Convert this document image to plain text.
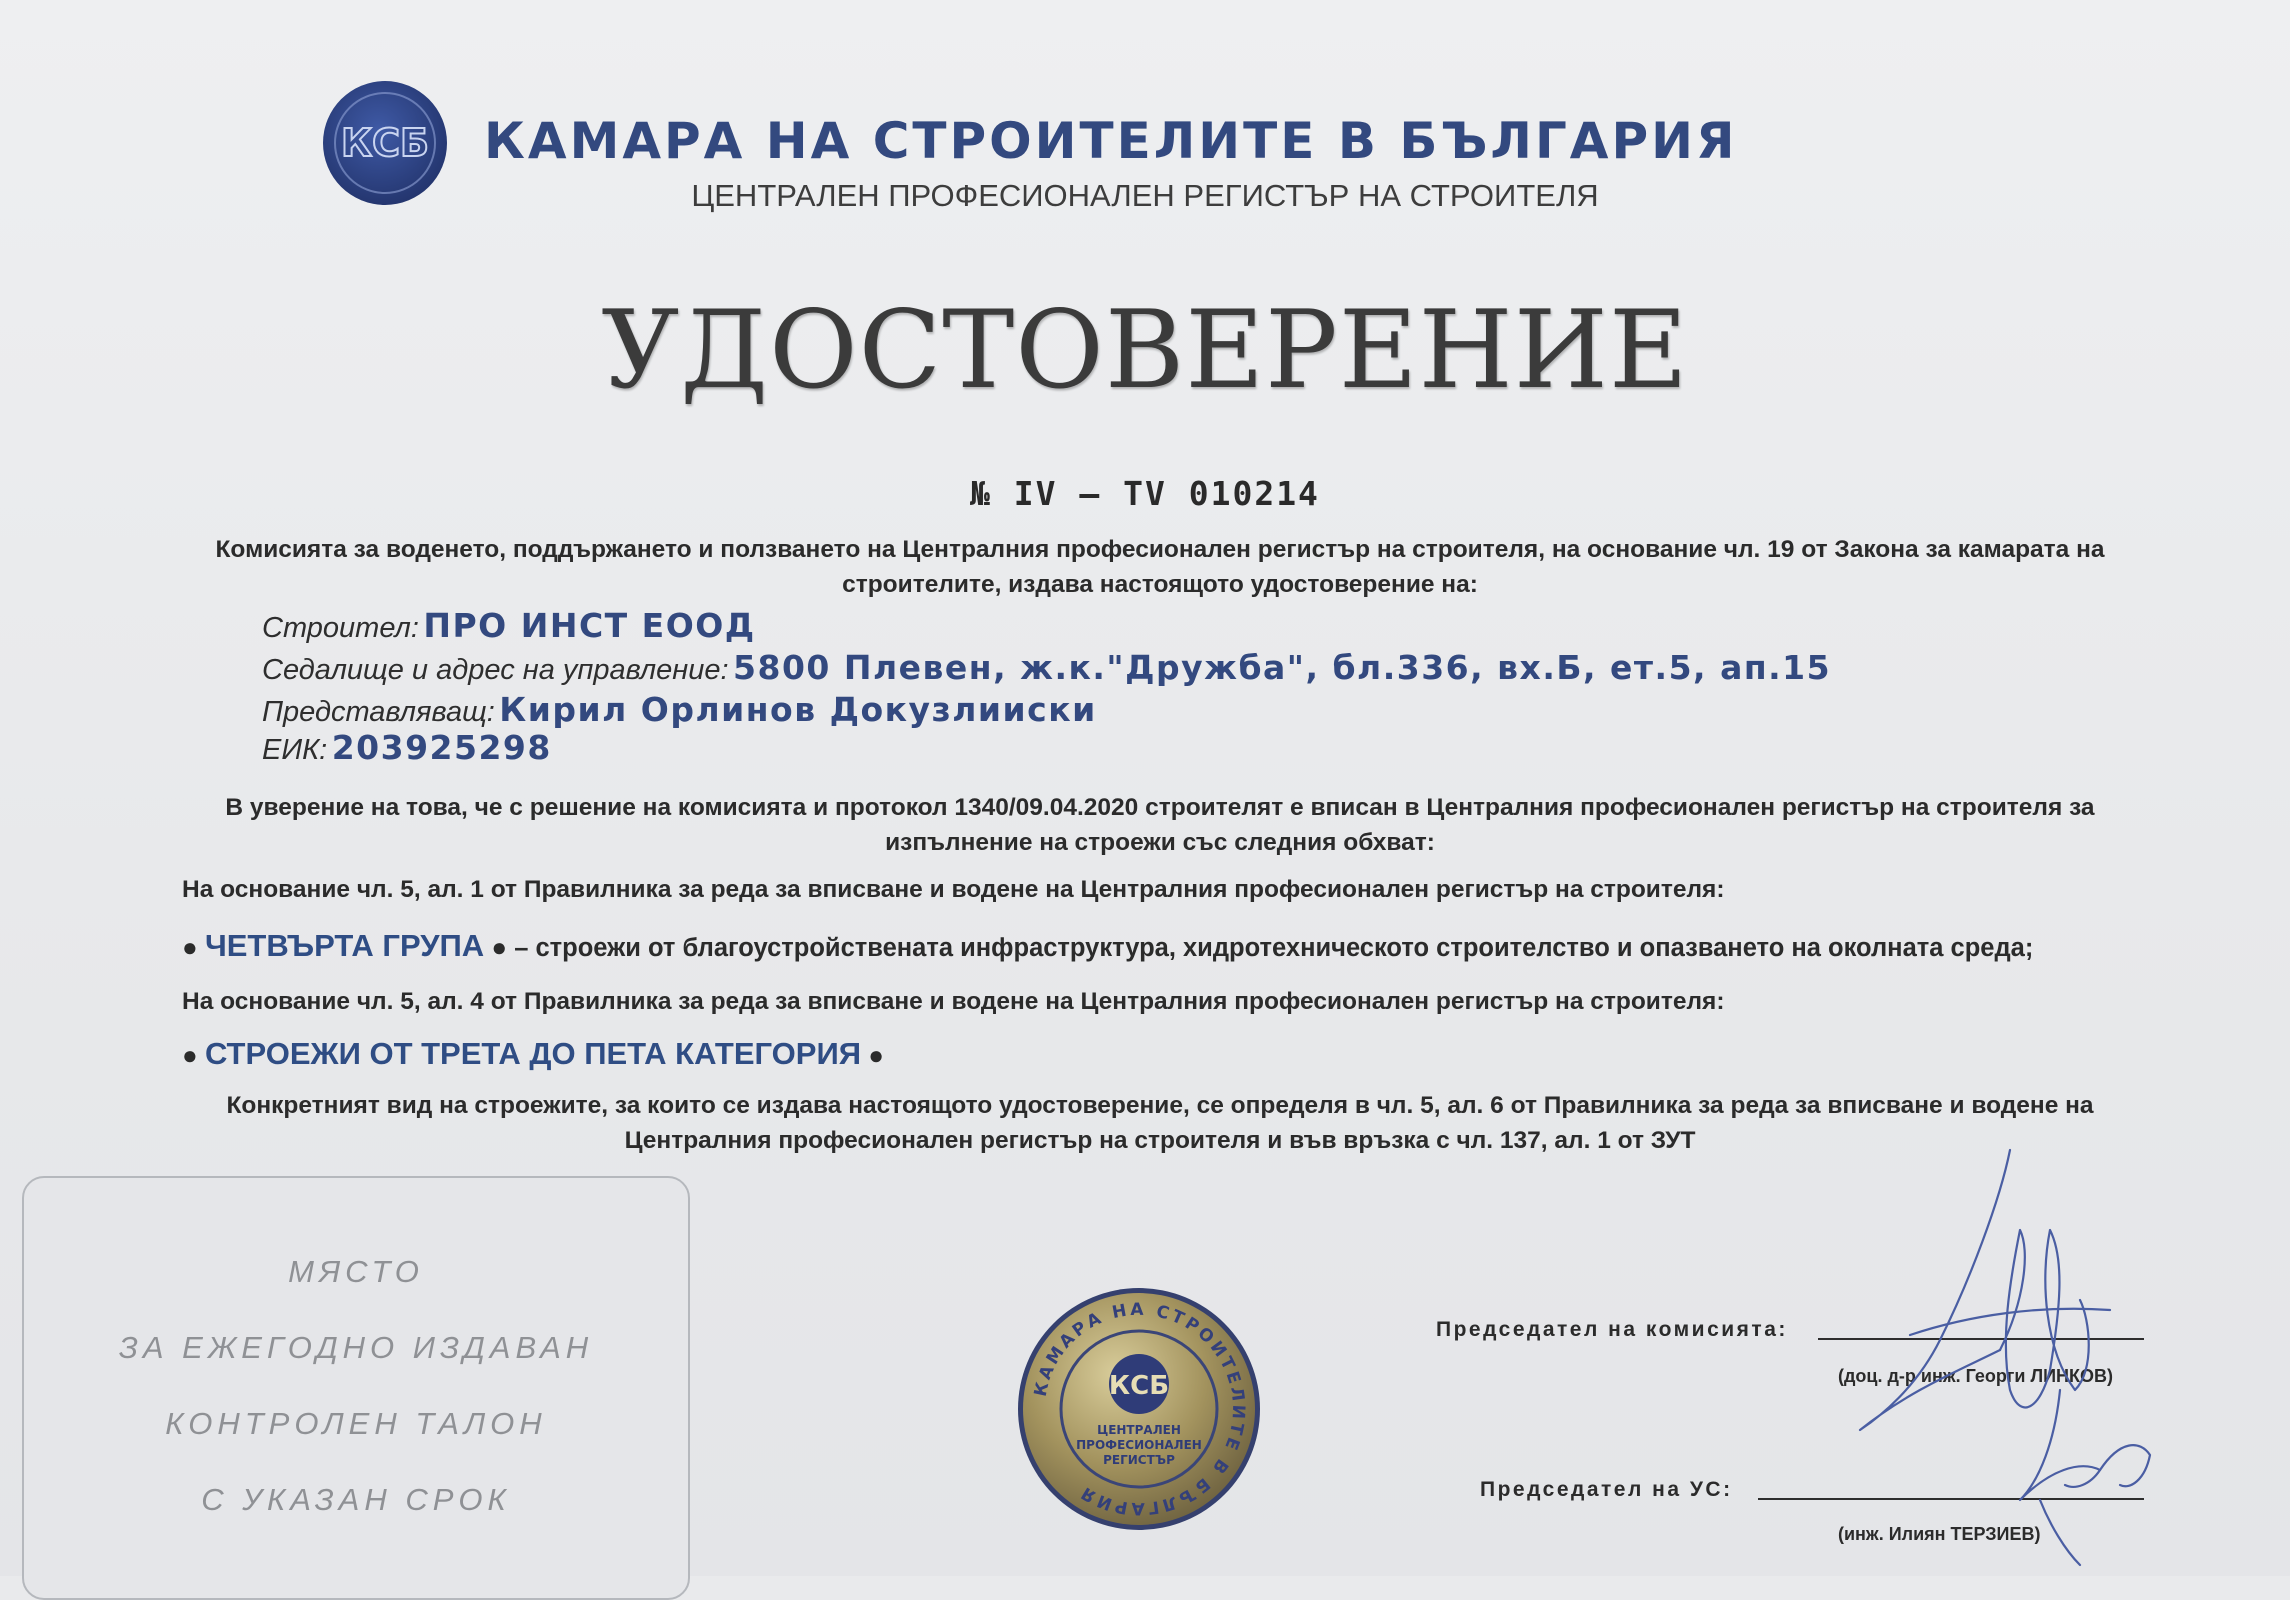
КСБ КАМАРА НА СТРОИТЕЛИТЕ В БЪЛГАРИЯ
ЦЕНТРАЛЕН ПРОФЕСИОНАЛЕН РЕГИСТЪР НА СТРОИТЕЛЯ
УДОСТОВЕРЕНИЕ
№ IV – TV 010214
Комисията за воденето, поддържането и ползването на Централния професионален регистър на строителя, на основание чл. 19 от Закона за камарата на строителите, издава настоящото удостоверение на:
Строител: ПРО ИНСТ ЕООД
Седалище и адрес на управление: 5800 Плевен, ж.к."Дружба", бл.336, вх.Б, ет.5, ап.15
Представляващ: Кирил Орлинов Докузлииски
ЕИК: 203925298
В уверение на това, че с решение на комисията и протокол 1340/09.04.2020 строителят е вписан в Централния професионален регистър на строителя за изпълнение на строежи със следния обхват:
На основание чл. 5, ал. 1 от Правилника за реда за вписване и водене на Централния професионален регистър на строителя:
● ЧЕТВЪРТА ГРУПА ● – строежи от благоустройствената инфраструктура, хидротехническото строителство и опазването на околната среда;
На основание чл. 5, ал. 4 от Правилника за реда за вписване и водене на Централния професионален регистър на строителя:
● СТРОЕЖИ ОТ ТРЕТА ДО ПЕТА КАТЕГОРИЯ ●
Конкретният вид на строежите, за които се издава настоящото удостоверение, се определя в чл. 5, ал. 6 от Правилника за реда за вписване и водене на Централния професионален регистър на строителя и във връзка с чл. 137, ал. 1 от ЗУТ
МЯСТО
ЗА ЕЖЕГОДНО ИЗДАВАН
КОНТРОЛЕН ТАЛОН
С УКАЗАН СРОК
КАМАРА НА СТРОИТЕЛИТЕ В БЪЛГАРИЯ
КСБ
ЦЕНТРАЛЕН
ПРОФЕСИОНАЛЕН
РЕГИСТЪР
Председател на комисията:
(доц. д-р инж. Георги ЛИНКОВ)
Председател на УС:
(инж. Илиян ТЕРЗИЕВ)
